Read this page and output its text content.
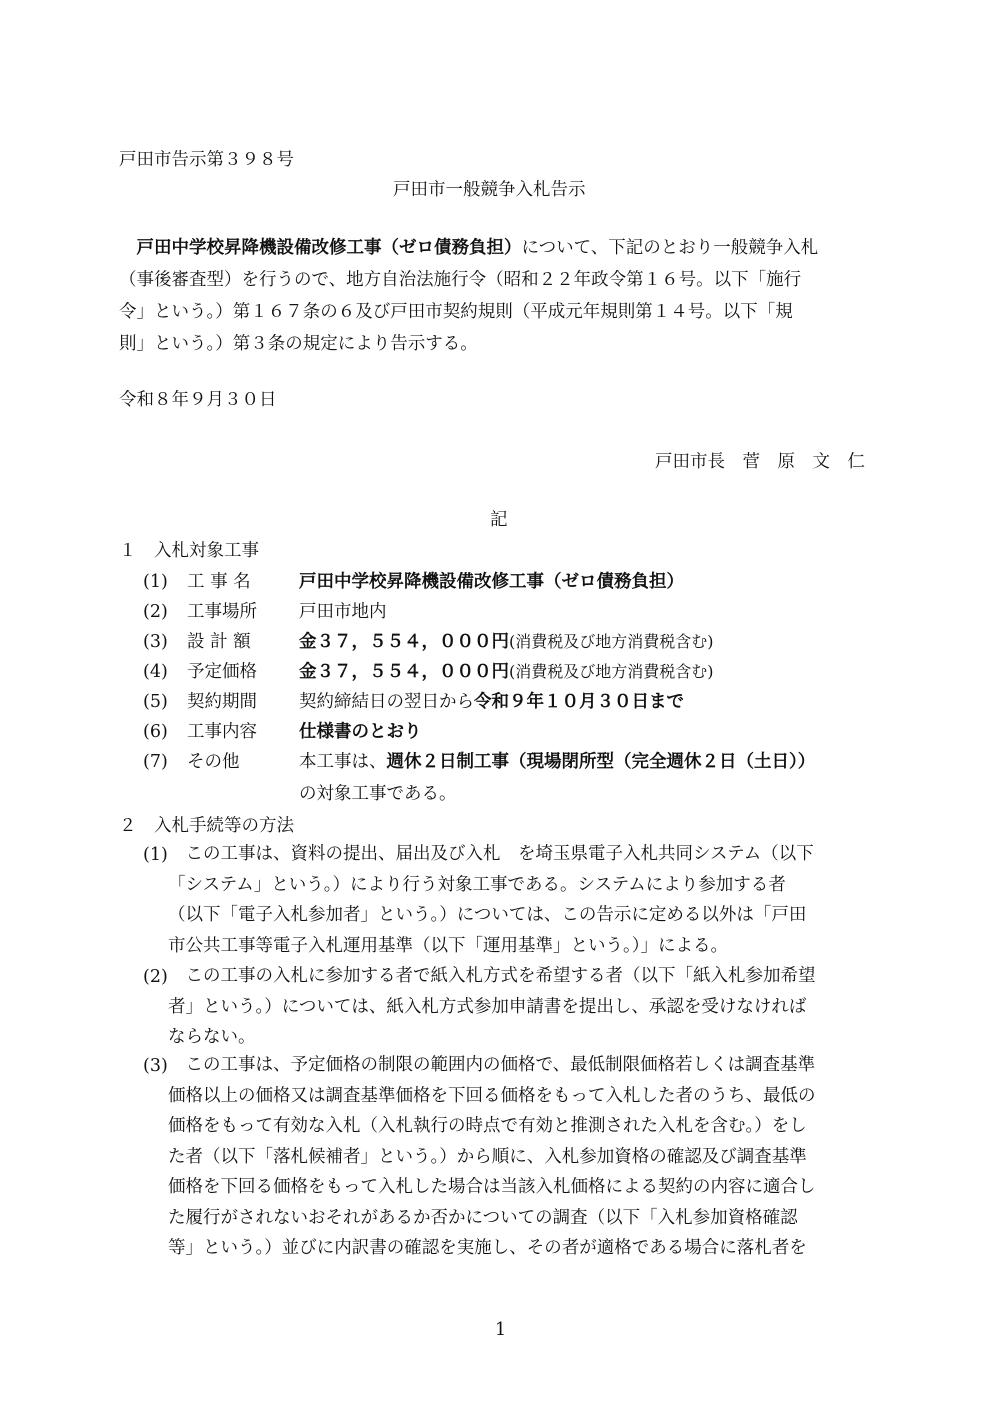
戸田市告示第３９８号
戸田市一般競争入札告示
　戸田中学校昇降機設備改修工事（ゼロ債務負担）について、下記のとおり一般競争入札
（事後審査型）を行うので、地方自治法施行令（昭和２２年政令第１６号。以下「施行
令」という。）第１６７条の６及び戸田市契約規則（平成元年規則第１４号。以下「規
則」という。）第３条の規定により告示する。
令和８年９月３０日
戸田市長　菅　原　文　仁
記
１　入札対象工事
(1) 工 事 名	戸田中学校昇降機設備改修工事（ゼロ債務負担）
(2) 工事場所 戸田市地内
(3) 設 計 額	金３７，５５４，０００円(消費税及び地方消費税含む)
(4) 予定価格 金３７，５５４，０００円(消費税及び地方消費税含む)
(5) 契約期間 契約締結日の翌日から令和９年１０月３０日まで
(6) 工事内容 仕様書のとおり
(7) その他	本工事は、週休２日制工事（現場閉所型（完全週休２日（土日））
の対象工事である。
２　入札手続等の方法
(1) 　この工事は、資料の提出、届出及び入札　を埼玉県電子入札共同システム（以下
「システム」という。）により行う対象工事である。システムにより参加する者
（以下「電子入札参加者」という。）については、この告示に定める以外は「戸田
市公共工事等電子入札運用基準（以下「運用基準」という。）」による。
(2) 　この工事の入札に参加する者で紙入札方式を希望する者（以下「紙入札参加希望
者」という。）については、紙入札方式参加申請書を提出し、承認を受けなければ
ならない。
(3) 　この工事は、予定価格の制限の範囲内の価格で、最低制限価格若しくは調査基準
価格以上の価格又は調査基準価格を下回る価格をもって入札した者のうち、最低の
価格をもって有効な入札（入札執行の時点で有効と推測された入札を含む。）をし
た者（以下「落札候補者」という。）から順に、入札参加資格の確認及び調査基準
価格を下回る価格をもって入札した場合は当該入札価格による契約の内容に適合し
た履行がされないおそれがあるか否かについての調査（以下「入札参加資格確認
等」という。）並びに内訳書の確認を実施し、その者が適格である場合に落札者を
1
